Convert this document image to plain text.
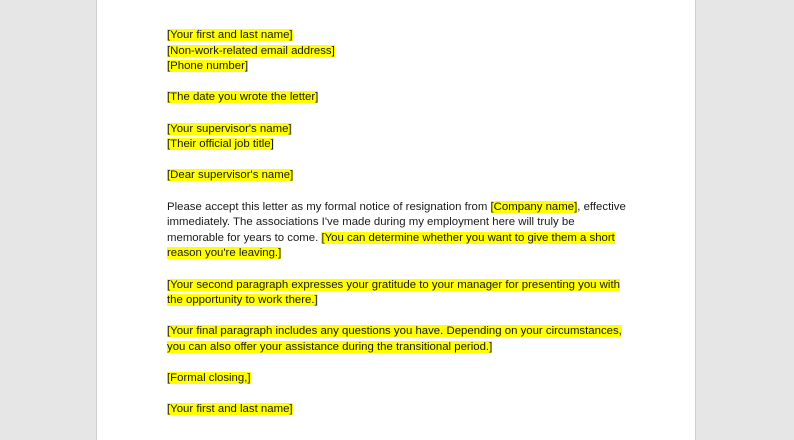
[Your first and last name]
[Non-work-related email address]
[Phone number]
[The date you wrote the letter]
[Your supervisor's name]
[Their official job title]
[Dear supervisor's name]

Please accept this letter as my formal notice of resignation from [Company name], effective immediately. The associations I've made during my employment here will truly be memorable for years to come. [You can determine whether you want to give them a short reason you're leaving.]

[Your second paragraph expresses your gratitude to your manager for presenting you with the opportunity to work there.]

[Your final paragraph includes any questions you have. Depending on your circumstances, you can also offer your assistance during the transitional period.]

[Formal closing,]
[Your first and last name]
